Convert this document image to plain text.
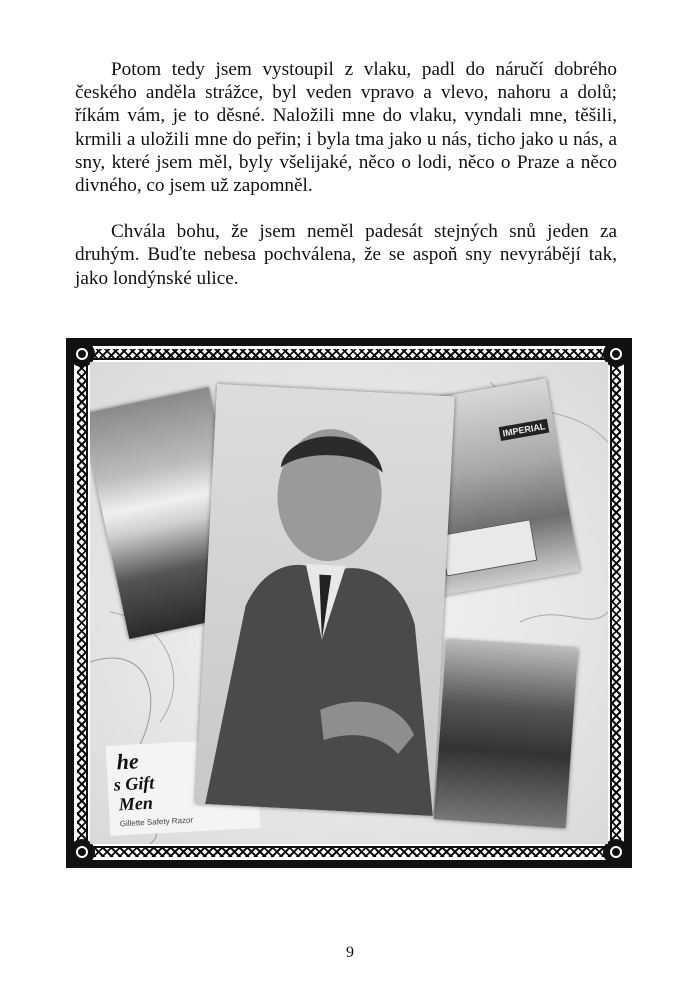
Potom tedy jsem vystoupil z vlaku, padl do náručí dobrého českého anděla strážce, byl veden vpravo a vlevo, nahoru a dolů; říkám vám, je to děsné. Naložili mne do vlaku, vyndali mne, těšili, krmili a uložili mne do peřin; i byla tma jako u nás, ticho jako u nás, a sny, které jsem měl, byly všelijaké, něco o lodi, něco o Praze a něco divného, co jsem už zapomněl.

Chvála bohu, že jsem neměl padesát stejných snů jeden za druhým. Buďte nebesa pochválena, že se aspoň sny nevyrábějí tak, jako londýnské ulice.

IMPERIAL
he
s Gift
Men
Gillette Safety Razor
9
